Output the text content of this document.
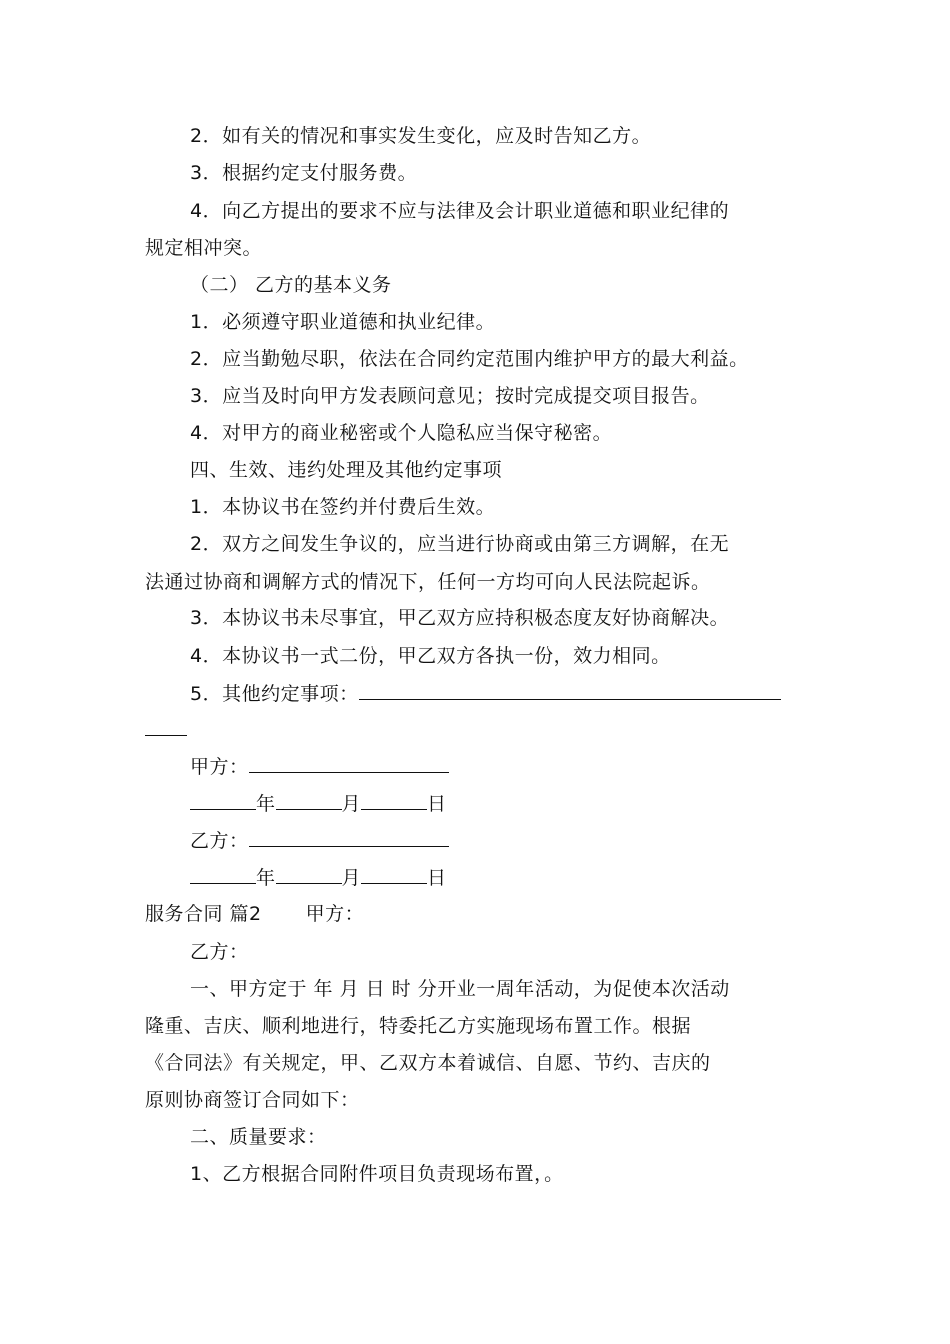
2．如有关的情况和事实发生变化，应及时告知乙方。
3．根据约定支付服务费。
4．向乙方提出的要求不应与法律及会计职业道德和职业纪律的
规定相冲突。
（二） 乙方的基本义务
1．必须遵守职业道德和执业纪律。
2．应当勤勉尽职，依法在合同约定范围内维护甲方的最大利益。
3．应当及时向甲方发表顾问意见；按时完成提交项目报告。
4．对甲方的商业秘密或个人隐私应当保守秘密。
四、生效、违约处理及其他约定事项
1．本协议书在签约并付费后生效。
2．双方之间发生争议的，应当进行协商或由第三方调解，在无
法通过协商和调解方式的情况下，任何一方均可向人民法院起诉。
3．本协议书未尽事宜，甲乙双方应持积极态度友好协商解决。
4．本协议书一式二份，甲乙双方各执一份，效力相同。
5．其他约定事项：
甲方：
年	月	日
乙方：
年	月	日
服务合同 篇2 甲方：
乙方：
一、甲方定于 年 月 日 时 分开业一周年活动，为促使本次活动
隆重、吉庆、顺利地进行，特委托乙方实施现场布置工作。根据
《合同法》有关规定，甲、乙双方本着诚信、自愿、节约、吉庆的
原则协商签订合同如下：
二、质量要求：
1、乙方根据合同附件项目负责现场布置，。
